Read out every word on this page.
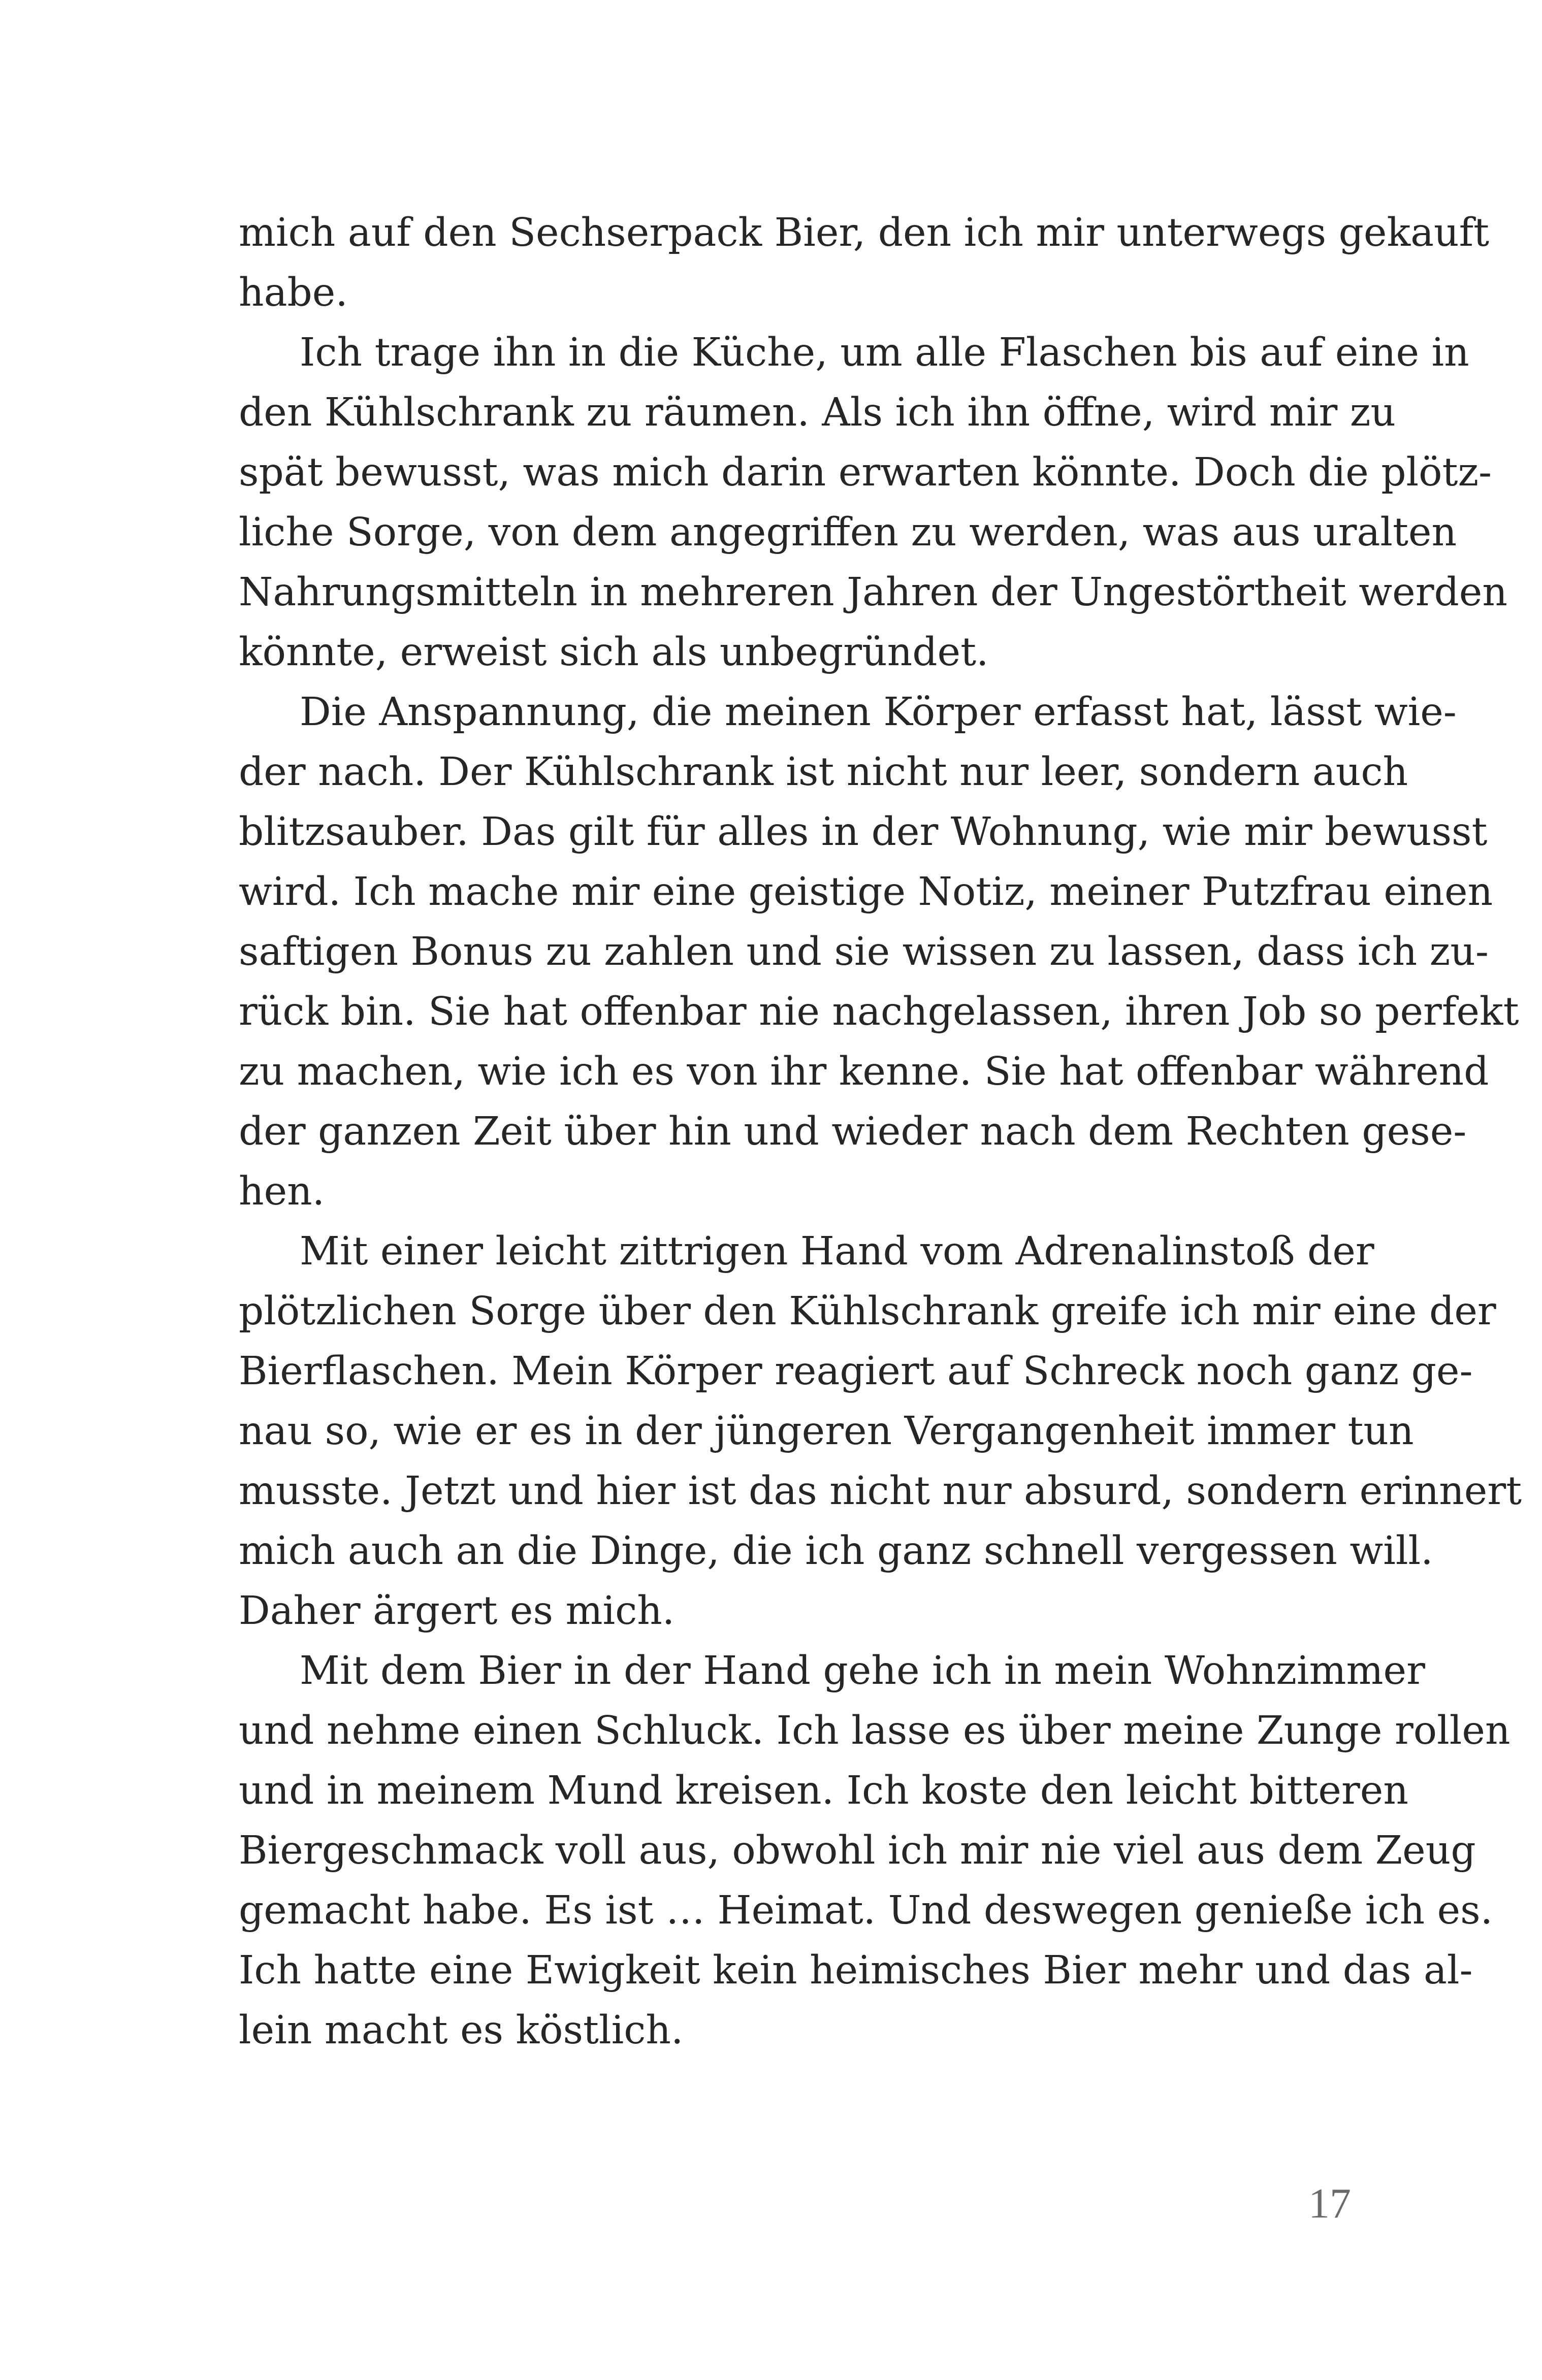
mich auf den Sechserpack Bier, den ich mir unterwegs gekauft
habe.
Ich trage ihn in die Küche, um alle Flaschen bis auf eine in
den Kühlschrank zu räumen. Als ich ihn öffne, wird mir zu
spät bewusst, was mich darin erwarten könnte. Doch die plötz-
liche Sorge, von dem angegriffen zu werden, was aus uralten
Nahrungsmitteln in mehreren Jahren der Ungestörtheit werden
könnte, erweist sich als unbegründet.
Die Anspannung, die meinen Körper erfasst hat, lässt wie-
der nach. Der Kühlschrank ist nicht nur leer, sondern auch
blitzsauber. Das gilt für alles in der Wohnung, wie mir bewusst
wird. Ich mache mir eine geistige Notiz, meiner Putzfrau einen
saftigen Bonus zu zahlen und sie wissen zu lassen, dass ich zu-
rück bin. Sie hat offenbar nie nachgelassen, ihren Job so perfekt
zu machen, wie ich es von ihr kenne. Sie hat offenbar während
der ganzen Zeit über hin und wieder nach dem Rechten gese-
hen.
Mit einer leicht zittrigen Hand vom Adrenalinstoß der
plötzlichen Sorge über den Kühlschrank greife ich mir eine der
Bierflaschen. Mein Körper reagiert auf Schreck noch ganz ge-
nau so, wie er es in der jüngeren Vergangenheit immer tun
musste. Jetzt und hier ist das nicht nur absurd, sondern erinnert
mich auch an die Dinge, die ich ganz schnell vergessen will.
Daher ärgert es mich.
Mit dem Bier in der Hand gehe ich in mein Wohnzimmer
und nehme einen Schluck. Ich lasse es über meine Zunge rollen
und in meinem Mund kreisen. Ich koste den leicht bitteren
Biergeschmack voll aus, obwohl ich mir nie viel aus dem Zeug
gemacht habe. Es ist … Heimat. Und deswegen genieße ich es.
Ich hatte eine Ewigkeit kein heimisches Bier mehr und das al-
lein macht es köstlich.
17
